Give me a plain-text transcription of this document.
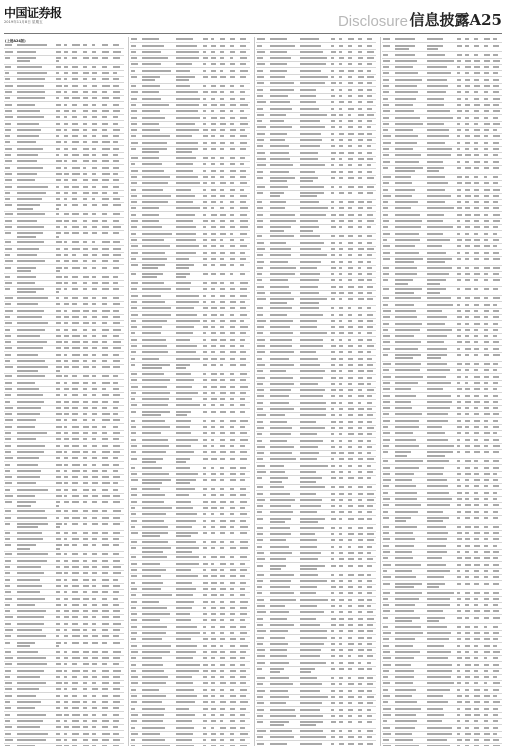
中国证券报
2019年11月8日 星期五	Disclosure 信息披露A25
(上接A24版)
